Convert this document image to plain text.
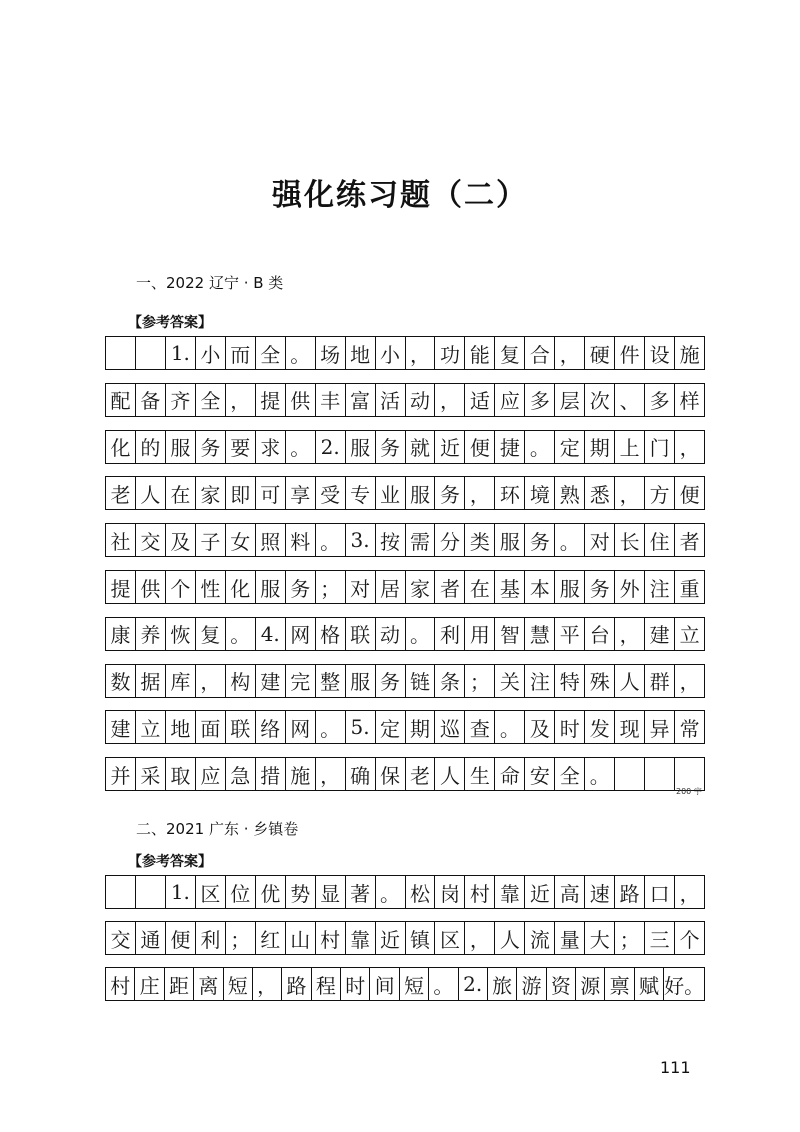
强化练习题（二）
一、2022 辽宁 · B 类
【参考答案】
1. 小 而 全 。 场 地 小 ， 功 能 复 合 ， 硬 件 设 施
配 备 齐 全 ， 提 供 丰 富 活 动 ， 适 应 多 层 次 、 多 样
化 的 服 务 要 求 。 2. 服 务 就 近 便 捷 。 定 期 上 门 ，
老 人 在 家 即 可 享 受 专 业 服 务 ， 环 境 熟 悉 ， 方 便
社 交 及 子 女 照 料 。 3. 按 需 分 类 服 务 。 对 长 住 者
提 供 个 性 化 服 务 ； 对 居 家 者 在 基 本 服 务 外 注 重
康 养 恢 复 。 4. 网 格 联 动 。 利 用 智 慧 平 台 ， 建 立
数 据 库 ， 构 建 完 整 服 务 链 条 ； 关 注 特 殊 人 群 ，
建 立 地 面 联 络 网 。 5. 定 期 巡 查 。 及 时 发 现 异 常
并 采 取 应 急 措 施 ， 确 保 老 人 生 命 安 全 。
200 字
二、2021 广东 · 乡镇卷
【参考答案】
1. 区 位 优 势 显 著 。 松 岗 村 靠 近 高 速 路 口 ，
交 通 便 利 ； 红 山 村 靠 近 镇 区 ， 人 流 量 大 ； 三 个
村 庄 距 离 短 ， 路 程 时 间 短 。 2. 旅 游 资 源 禀 赋 好。
111
